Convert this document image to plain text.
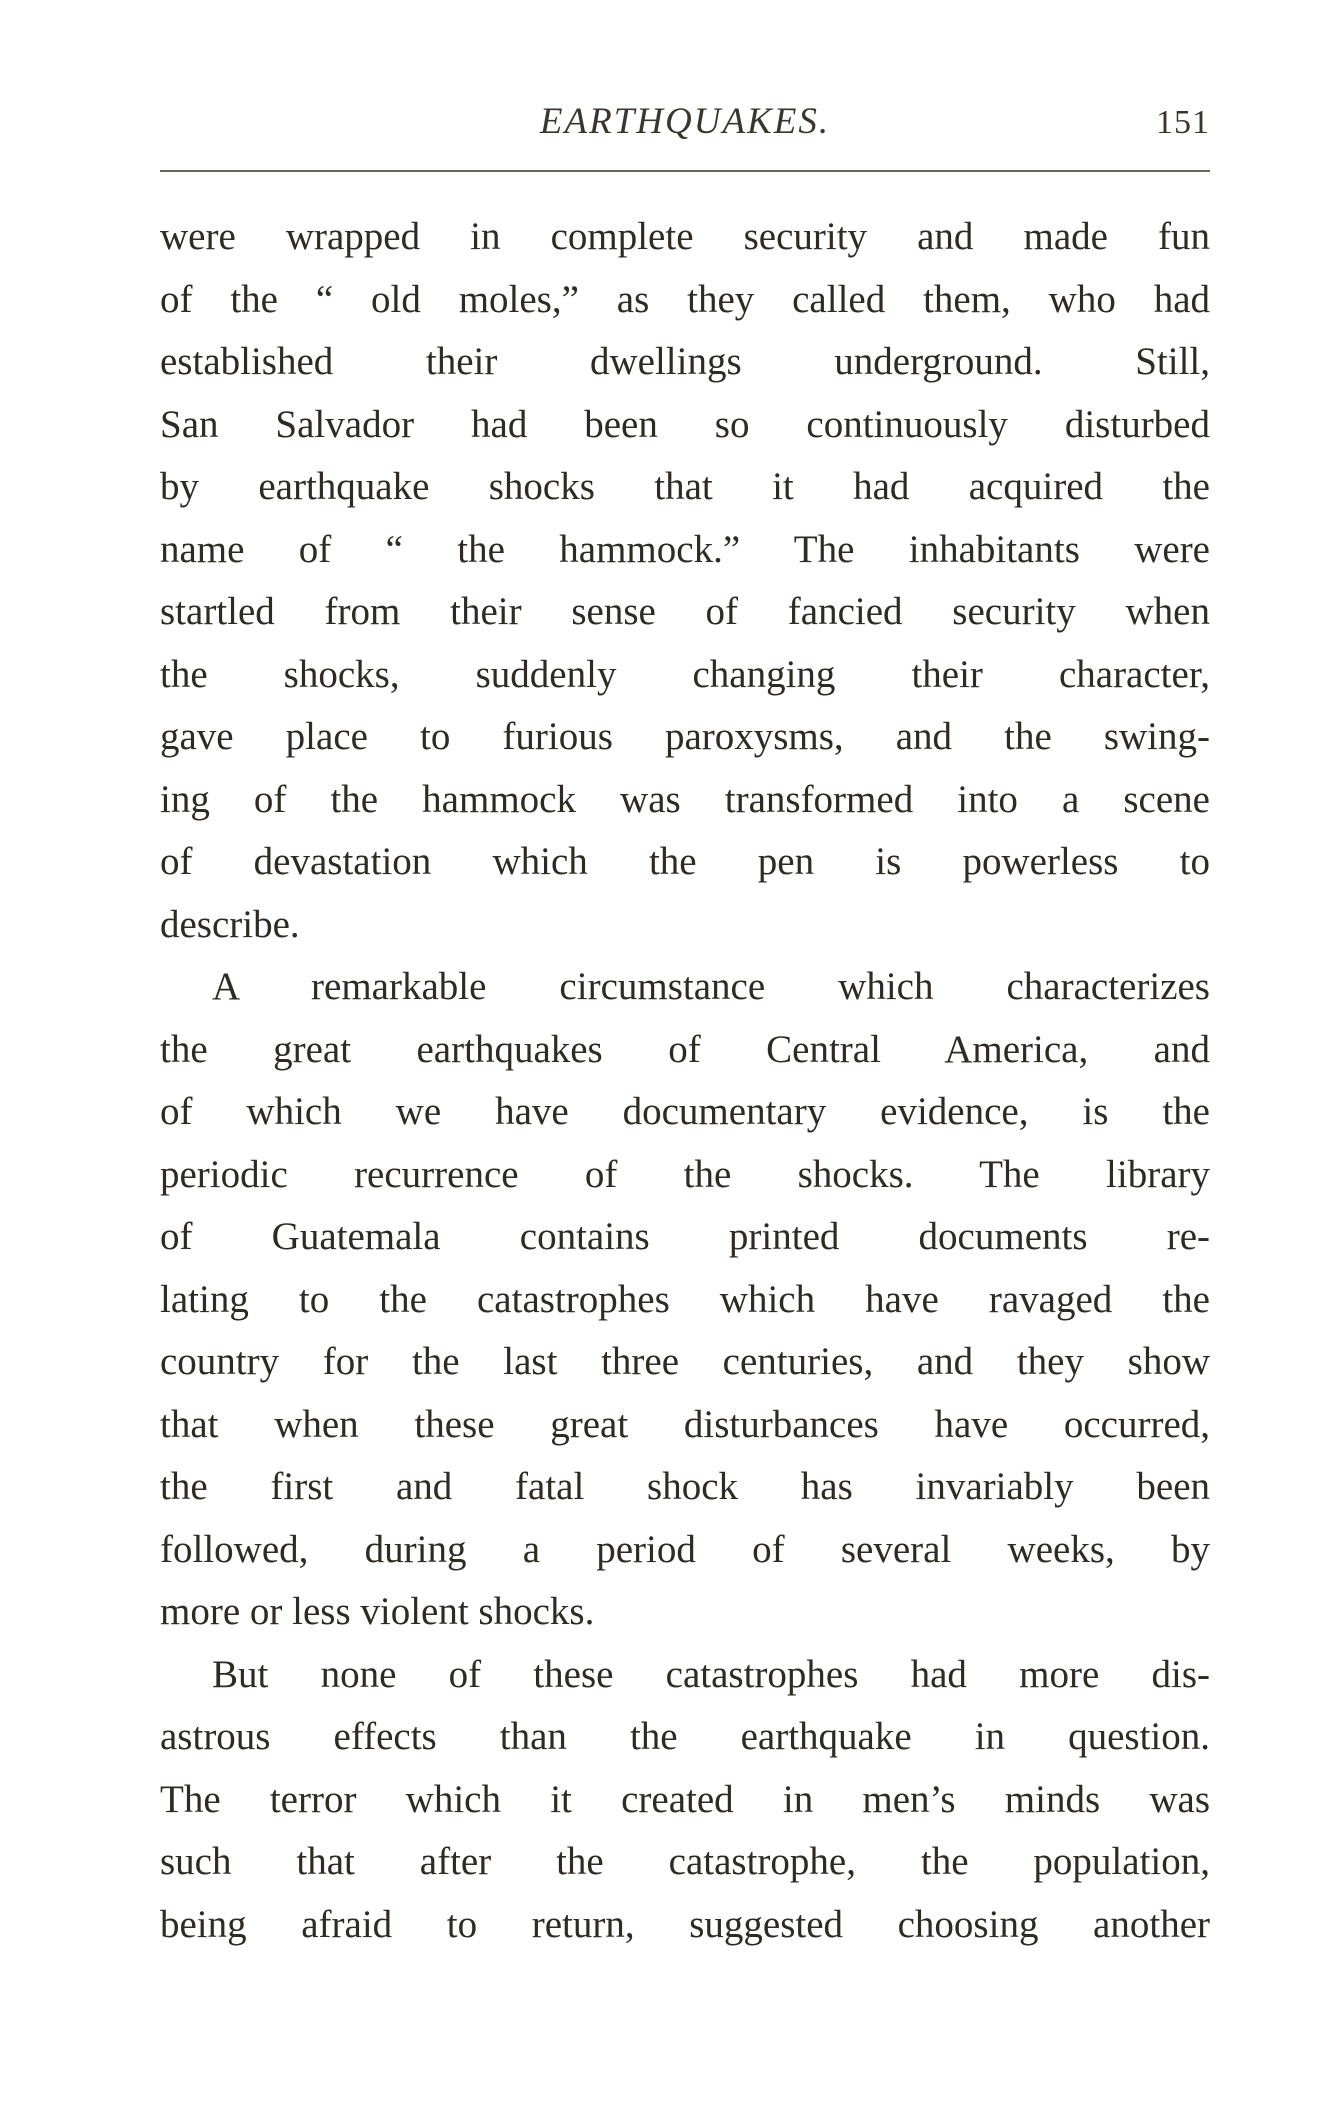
EARTHQUAKES.	151
were wrapped in complete security and made fun
of the “ old moles,” as they called them, who had
established their dwellings underground. Still,
San Salvador had been so continuously disturbed
by earthquake shocks that it had acquired the
name of “ the hammock.” The inhabitants were
startled from their sense of fancied security when
the shocks, suddenly changing their character,
gave place to furious paroxysms, and the swing-
ing of the hammock was transformed into a scene
of devastation which the pen is powerless to
describe.
A remarkable circumstance which characterizes
the great earthquakes of Central America, and
of which we have documentary evidence, is the
periodic recurrence of the shocks. The library
of Guatemala contains printed documents re-
lating to the catastrophes which have ravaged the
country for the last three centuries, and they show
that when these great disturbances have occurred,
the first and fatal shock has invariably been
followed, during a period of several weeks, by
more or less violent shocks.
But none of these catastrophes had more dis-
astrous effects than the earthquake in question.
The terror which it created in men’s minds was
such that after the catastrophe, the population,
being afraid to return, suggested choosing another
